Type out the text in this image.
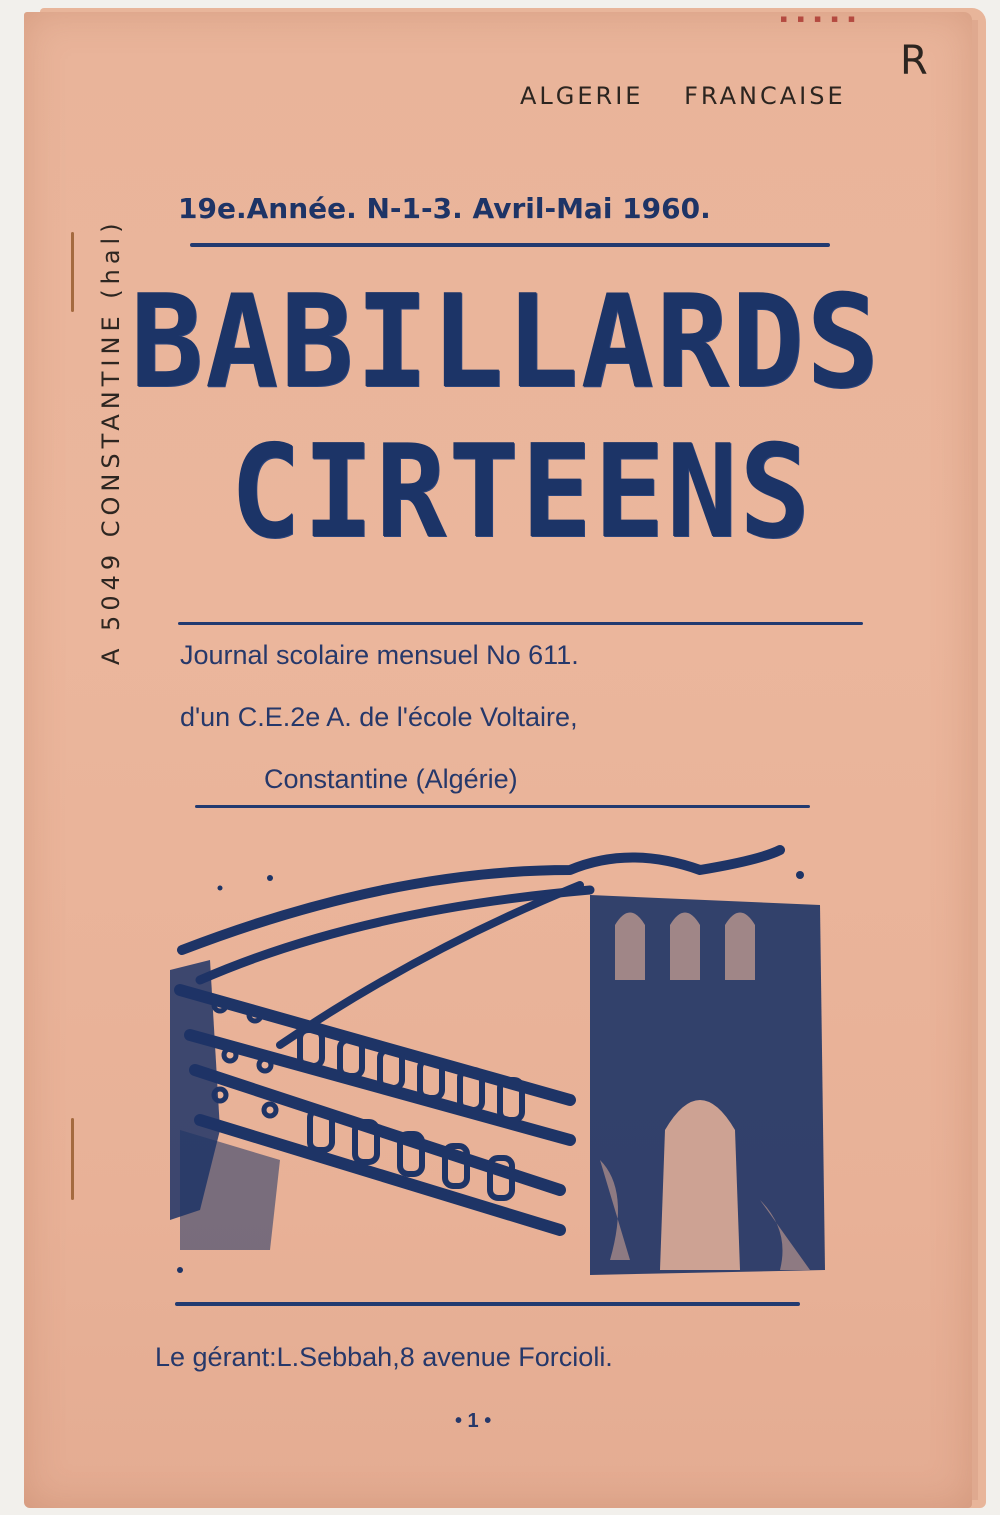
▪ ▪ ▪ ▪ ▪
R
ALGERIE FRANCAISE
A 5049 CONSTANTINE (hal)
19e.Année. N-1-3. Avril-Mai 1960.
BABILLARDS
CIRTEENS
Journal scolaire mensuel No 611.
d'un C.E.2e A. de l'école Voltaire,
Constantine (Algérie)
Le gérant:L.Sebbah,8 avenue Forcioli.
• 1 •
